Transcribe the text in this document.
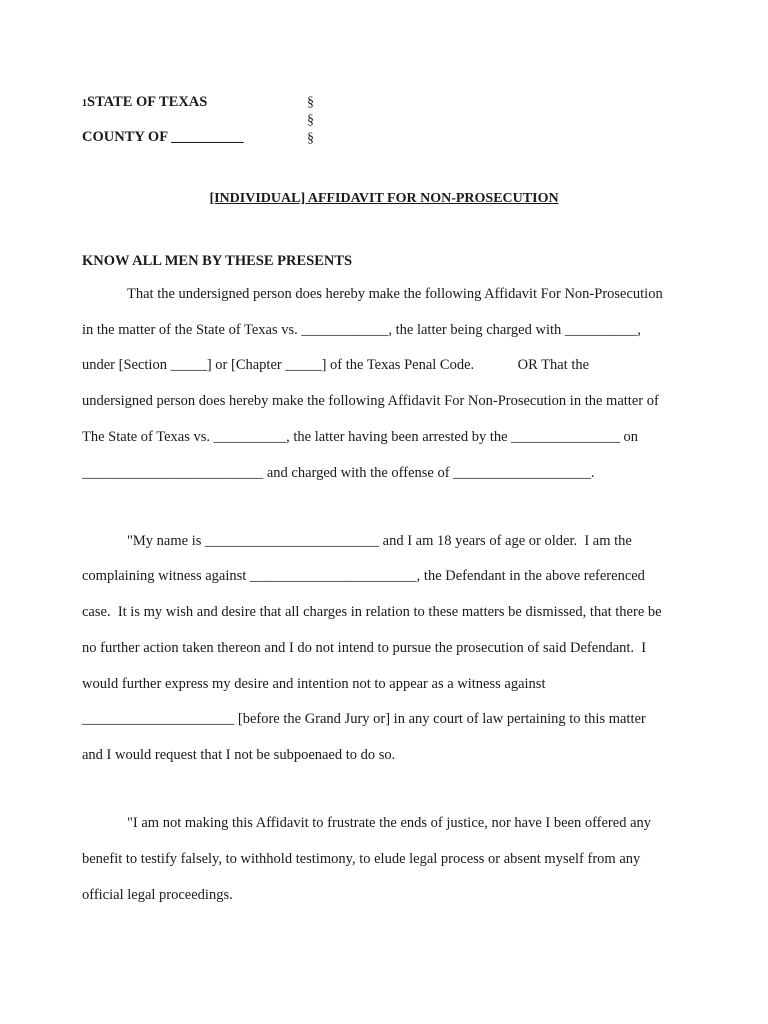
1STATE OF TEXAS
COUNTY OF __________
§
§
§
[INDIVIDUAL] AFFIDAVIT FOR NON-PROSECUTION
KNOW ALL MEN BY THESE PRESENTS
That the undersigned person does hereby make the following Affidavit For Non-Prosecution
in the matter of the State of Texas vs. ____________, the latter being charged with __________,
under [Section _____] or [Chapter _____] of the Texas Penal Code.            OR That the
undersigned person does hereby make the following Affidavit For Non-Prosecution in the matter of
The State of Texas vs. __________, the latter having been arrested by the _______________ on
_________________________ and charged with the offense of ___________________.
"My name is ________________________ and I am 18 years of age or older.  I am the
complaining witness against _______________________, the Defendant in the above referenced
case.  It is my wish and desire that all charges in relation to these matters be dismissed, that there be
no further action taken thereon and I do not intend to pursue the prosecution of said Defendant.  I
would further express my desire and intention not to appear as a witness against
_____________________ [before the Grand Jury or] in any court of law pertaining to this matter
and I would request that I not be subpoenaed to do so.
"I am not making this Affidavit to frustrate the ends of justice, nor have I been offered any
benefit to testify falsely, to withhold testimony, to elude legal process or absent myself from any
official legal proceedings.
